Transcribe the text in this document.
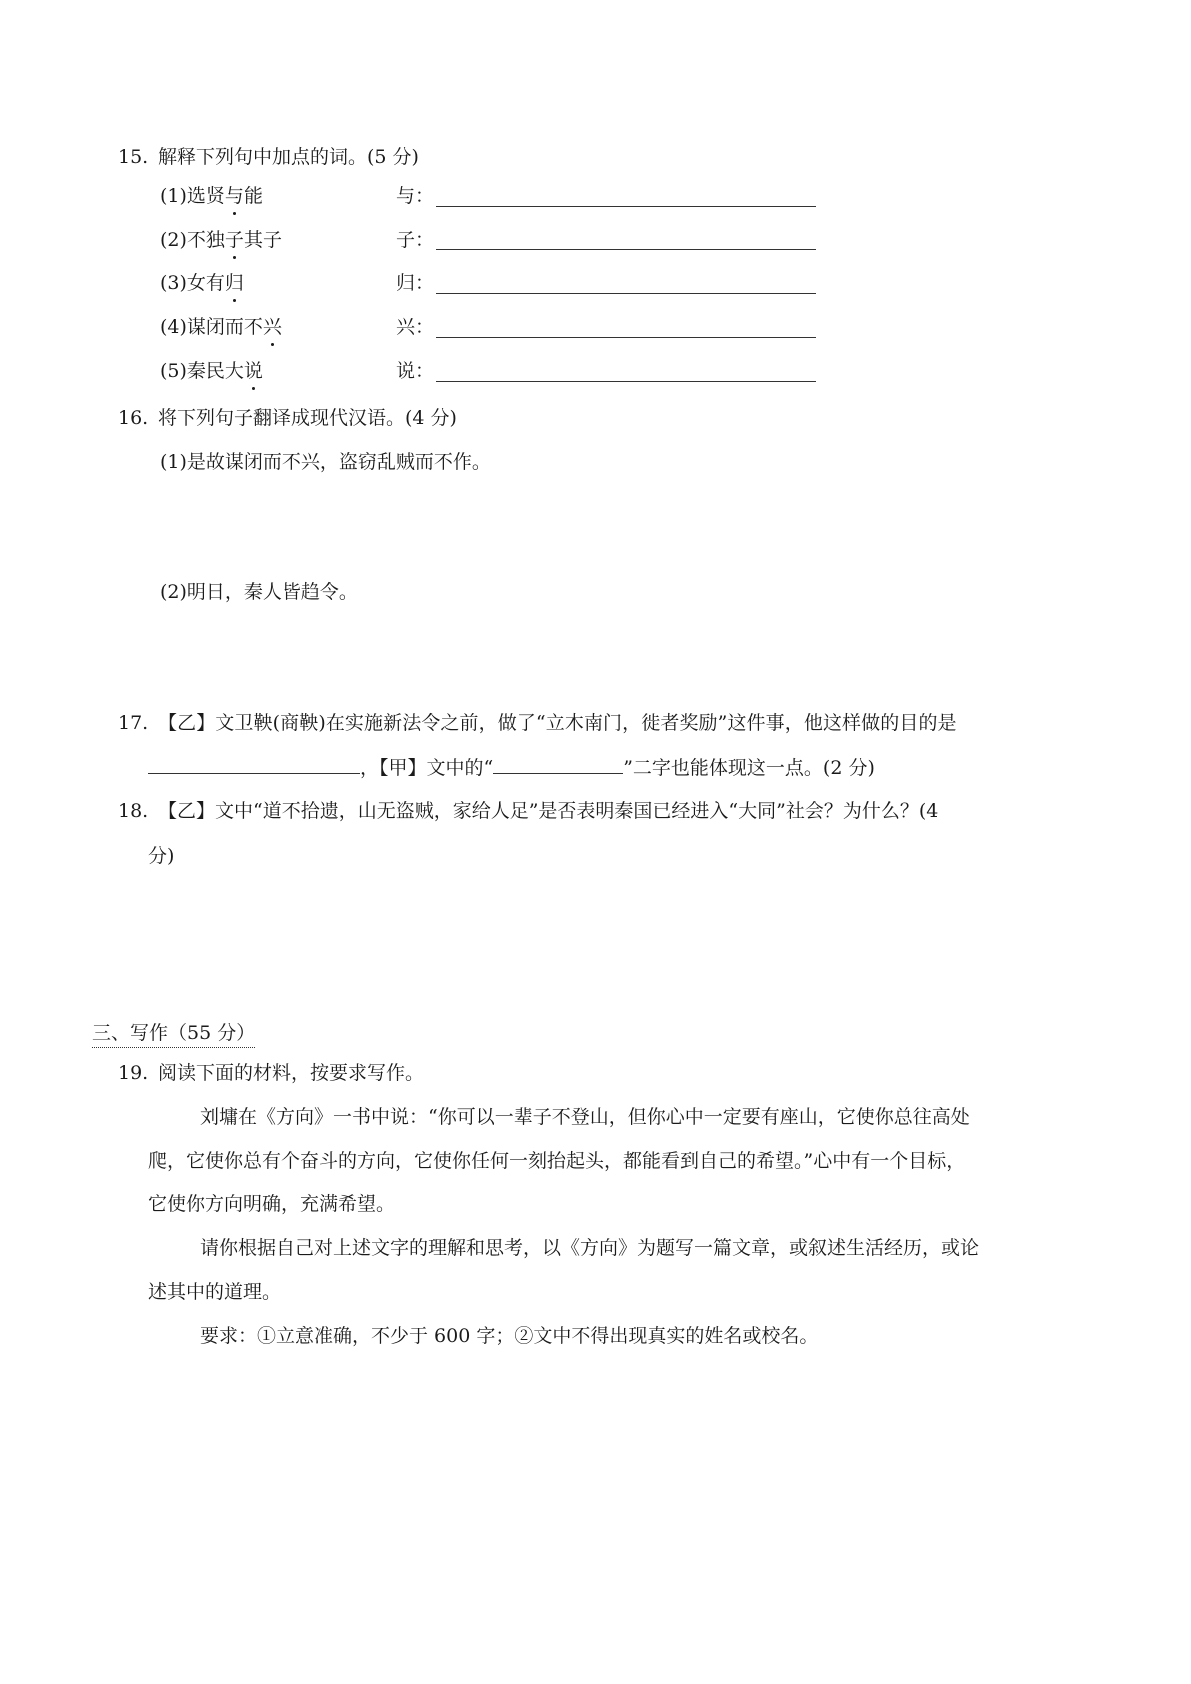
15. 解释下列句中加点的词。(5 分)
(1)选贤与能	与：
(2)不独子其子	子：
(3)女有归	归：
(4)谋闭而不兴	兴：
(5)秦民大说	说：
16. 将下列句子翻译成现代汉语。(4 分)
(1)是故谋闭而不兴，盗窃乱贼而不作。
(2)明日，秦人皆趋令。
17. 【乙】文卫鞅(商鞅)在实施新法令之前，做了“立木南门，徙者奖励”这件事，他这样做的目的是
，【甲】文中的“	”二字也能体现这一点。(2 分)
18. 【乙】文中“道不拾遗，山无盗贼，家给人足”是否表明秦国已经进入“大同”社会？为什么？(4
分)
三、写作（55 分）
19. 阅读下面的材料，按要求写作。
刘墉在《方向》一书中说：“你可以一辈子不登山，但你心中一定要有座山，它使你总往高处
爬，它使你总有个奋斗的方向，它使你任何一刻抬起头，都能看到自己的希望。”心中有一个目标，
它使你方向明确，充满希望。
请你根据自己对上述文字的理解和思考，以《方向》为题写一篇文章，或叙述生活经历，或论
述其中的道理。
要求：①立意准确，不少于 600 字；②文中不得出现真实的姓名或校名。
